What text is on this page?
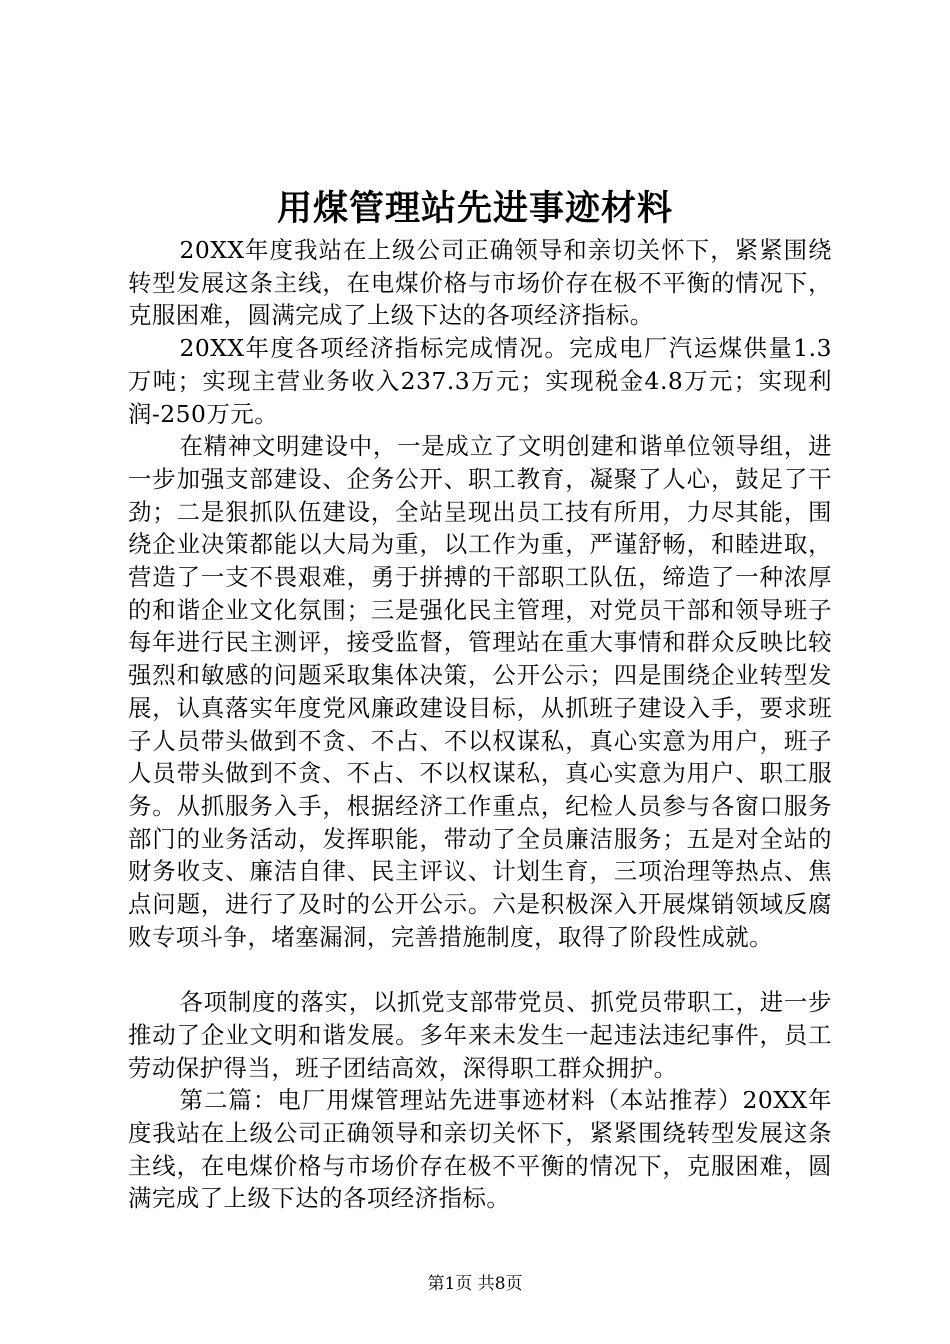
用煤管理站先进事迹材料

20XX年度我站在上级公司正确领导和亲切关怀下，紧紧围绕转型发展这条主线，在电煤价格与市场价存在极不平衡的情况下，克服困难，圆满完成了上级下达的各项经济指标。

20XX年度各项经济指标完成情况。完成电厂汽运煤供量1.3万吨；实现主营业务收入237.3万元；实现税金4.8万元；实现利润-250万元。

在精神文明建设中，一是成立了文明创建和谐单位领导组，进一步加强支部建设、企务公开、职工教育，凝聚了人心，鼓足了干劲；二是狠抓队伍建设，全站呈现出员工技有所用，力尽其能，围绕企业决策都能以大局为重，以工作为重，严谨舒畅，和睦进取，营造了一支不畏艰难，勇于拼搏的干部职工队伍，缔造了一种浓厚的和谐企业文化氛围；三是强化民主管理，对党员干部和领导班子每年进行民主测评，接受监督，管理站在重大事情和群众反映比较强烈和敏感的问题采取集体决策，公开公示；四是围绕企业转型发展，认真落实年度党风廉政建设目标，从抓班子建设入手，要求班子人员带头做到不贪、不占、不以权谋私，真心实意为用户，班子人员带头做到不贪、不占、不以权谋私，真心实意为用户、职工服务。从抓服务入手，根据经济工作重点，纪检人员参与各窗口服务部门的业务活动，发挥职能，带动了全员廉洁服务；五是对全站的财务收支、廉洁自律、民主评议、计划生育，三项治理等热点、焦点问题，进行了及时的公开公示。六是积极深入开展煤销领域反腐败专项斗争，堵塞漏洞，完善措施制度，取得了阶段性成就。

各项制度的落实，以抓党支部带党员、抓党员带职工，进一步推动了企业文明和谐发展。多年来未发生一起违法违纪事件，员工劳动保护得当，班子团结高效，深得职工群众拥护。

第二篇：电厂用煤管理站先进事迹材料（本站推荐）20XX年度我站在上级公司正确领导和亲切关怀下，紧紧围绕转型发展这条主线，在电煤价格与市场价存在极不平衡的情况下，克服困难，圆满完成了上级下达的各项经济指标。

第1页 共8页
